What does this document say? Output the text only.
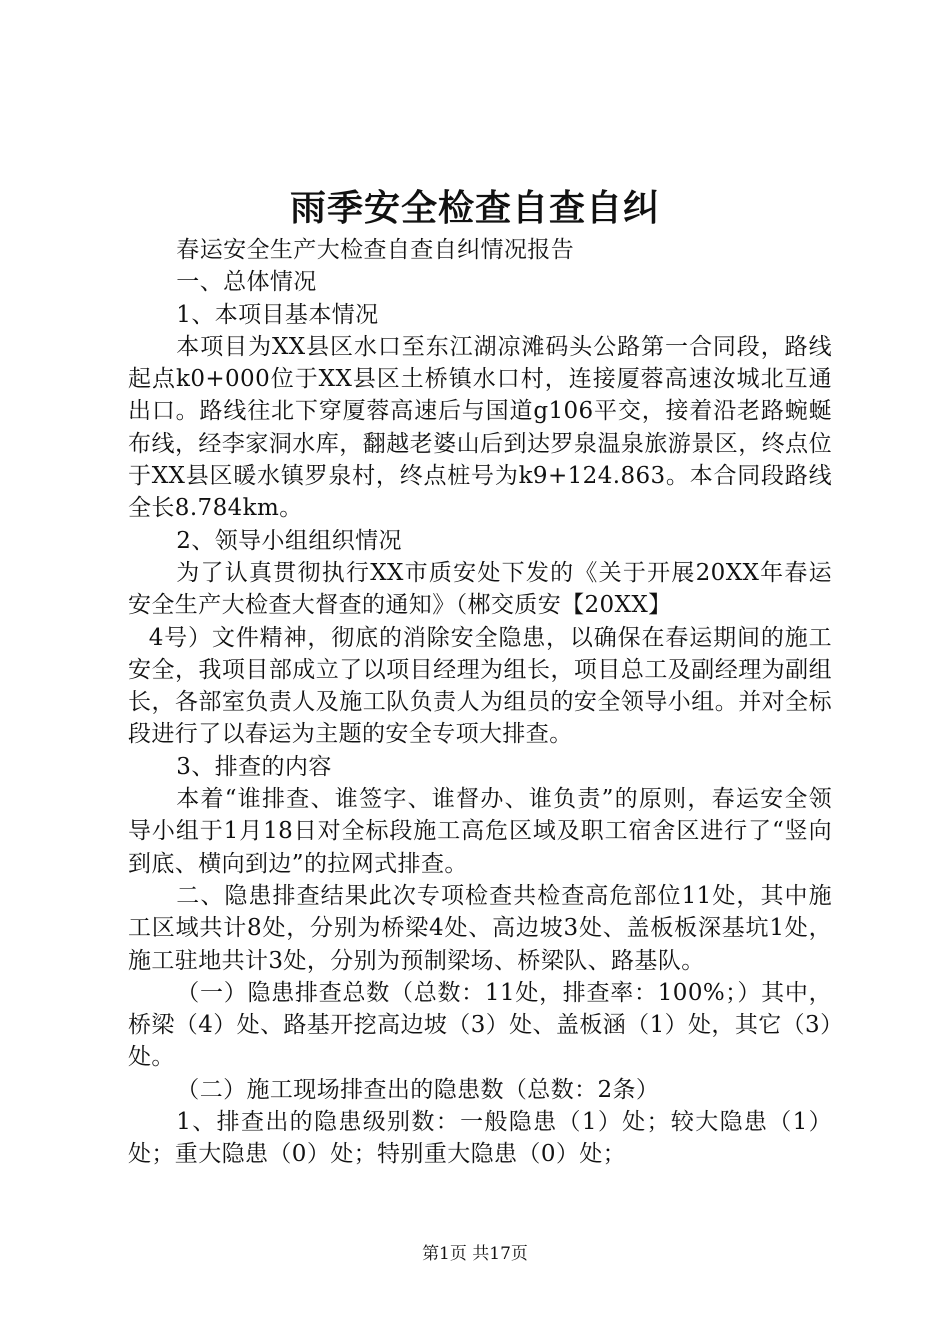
雨季安全检查自查自纠

春运安全生产大检查自查自纠情况报告

一、总体情况

1、本项目基本情况

本项目为XX县区水口至东江湖凉滩码头公路第一合同段，路线起点k0+000位于XX县区土桥镇水口村，连接厦蓉高速汝城北互通出口。路线往北下穿厦蓉高速后与国道g106平交，接着沿老路蜿蜒布线，经李家洞水库，翻越老婆山后到达罗泉温泉旅游景区，终点位于XX县区暖水镇罗泉村，终点桩号为k9+124.863。本合同段路线全长8.784km。

2、领导小组组织情况

为了认真贯彻执行XX市质安处下发的《关于开展20XX年春运安全生产大检查大督查的通知》（郴交质安【20XX】

4号）文件精神，彻底的消除安全隐患，以确保在春运期间的施工安全，我项目部成立了以项目经理为组长，项目总工及副经理为副组长，各部室负责人及施工队负责人为组员的安全领导小组。并对全标段进行了以春运为主题的安全专项大排查。

3、排查的内容

本着“谁排查、谁签字、谁督办、谁负责”的原则，春运安全领导小组于1月18日对全标段施工高危区域及职工宿舍区进行了“竖向到底、横向到边”的拉网式排查。

二、隐患排查结果此次专项检查共检查高危部位11处，其中施工区域共计8处，分别为桥梁4处、高边坡3处、盖板板深基坑1处，施工驻地共计3处，分别为预制梁场、桥梁队、路基队。

（一）隐患排查总数（总数：11处，排查率：100%；）其中，桥梁（4）处、路基开挖高边坡（3）处、盖板涵（1）处，其它（3）处。

（二）施工现场排查出的隐患数（总数：2条）

1、排查出的隐患级别数：一般隐患（1）处；较大隐患（1）处；重大隐患（0）处；特别重大隐患（0）处；

第1页 共17页
